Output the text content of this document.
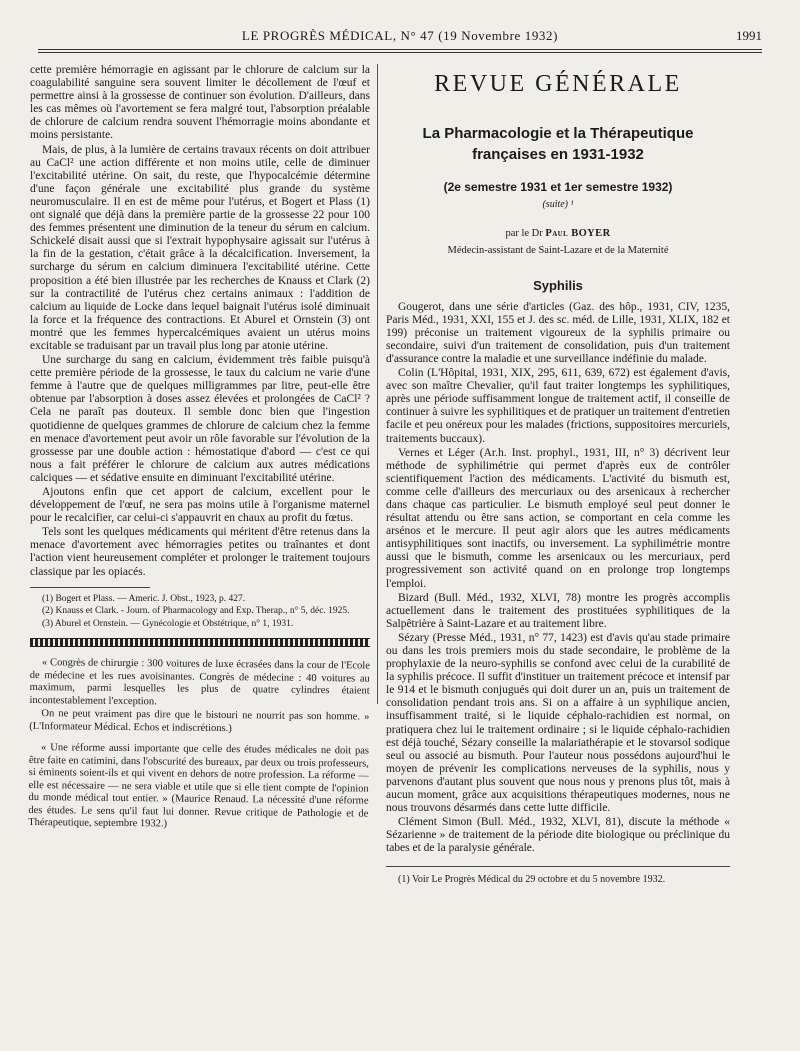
LE PROGRÈS MÉDICAL, N° 47 (19 Novembre 1932)	1991

cette première hémorragie en agissant par le chlorure de calcium sur la coagulabilité sanguine sera souvent limiter le décollement de l'œuf et permettre ainsi à la grossesse de continuer son évolution. D'ailleurs, dans les cas mêmes où l'avortement se fera malgré tout, l'absorption préalable de chlorure de calcium rendra souvent l'hémorragie moins abondante et moins persistante.

Mais, de plus, à la lumière de certains travaux récents on doit attribuer au CaCl² une action différente et non moins utile, celle de diminuer l'excitabilité utérine. On sait, du reste, que l'hypocalcémie détermine d'une façon générale une excitabilité plus grande du système neuromusculaire. Il en est de même pour l'utérus, et Bogert et Plass (1) ont signalé que déjà dans la première partie de la grossesse 22 pour 100 des femmes présentent une diminution de la teneur du sérum en calcium. Schickelé disait aussi que si l'extrait hypophysaire agissait sur l'utérus à la fin de la gestation, c'était grâce à la décalcification. Inversement, la surcharge du sérum en calcium diminuera l'excitabilité utérine. Cette proposition a été bien illustrée par les recherches de Knauss et Clark (2) sur la contractilité de l'utérus chez certains animaux : l'addition de calcium au liquide de Locke dans lequel baignait l'utérus isolé diminuait la force et la fréquence des contractions. Et Aburel et Ornstein (3) ont montré que les femmes hypercalcémiques avaient un utérus moins excitable se traduisant par un travail plus long par atonie utérine.

Une surcharge du sang en calcium, évidemment très faible puisqu'à cette première période de la grossesse, le taux du calcium ne varie d'une femme à l'autre que de quelques milligrammes par litre, peut-elle être obtenue par l'absorption à doses assez élevées et prolongées de CaCl² ? Cela ne paraît pas douteux. Il semble donc bien que l'ingestion quotidienne de quelques grammes de chlorure de calcium chez la femme en menace d'avortement peut avoir un rôle favorable sur l'évolution de la grossesse par une double action : hémostatique d'abord — c'est ce qui nous a fait préférer le chlorure de calcium aux autres médications calciques — et sédative ensuite en diminuant l'excitabilité utérine.

Ajoutons enfin que cet apport de calcium, excellent pour le développement de l'œuf, ne sera pas moins utile à l'organisme maternel pour le recalcifier, car celui-ci s'appauvrit en chaux au profit du fœtus.

Tels sont les quelques médicaments qui méritent d'être retenus dans la menace d'avortement avec hémorragies petites ou traînantes et dont l'action vient heureusement compléter et prolonger le traitement toujours classique par les opiacés.

(1) Bogert et Plass. — Americ. J. Obst., 1923, p. 427.

(2) Knauss et Clark. - Journ. of Pharmacology and Exp. Therap., n° 5, déc. 1925.

(3) Aburel et Ornstein. — Gynécologie et Obstétrique, n° 1, 1931.

« Congrès de chirurgie : 300 voitures de luxe écrasées dans la cour de l'Ecole de médecine et les rues avoisinantes. Congrès de médecine : 40 voitures au maximum, parmi lesquelles les plus de quatre cylindres étaient incontestablement l'exception.

On ne peut vraiment pas dire que le bistouri ne nourrit pas son homme. » (L'Informateur Médical. Echos et indiscrétions.)

« Une réforme aussi importante que celle des études médicales ne doit pas être faite en catimini, dans l'obscurité des bureaux, par deux ou trois professeurs, si éminents soient-ils et qui vivent en dehors de notre profession. La réforme — elle est nécessaire — ne sera viable et utile que si elle tient compte de l'opinion du monde médical tout entier. » (Maurice Renaud. La nécessité d'une réforme des études. Le sens qu'il faut lui donner. Revue critique de Pathologie et de Thérapeutique, septembre 1932.)

REVUE GÉNÉRALE
La Pharmacologie et la Thérapeutique
françaises en 1931-1932
(2e semestre 1931 et 1er semestre 1932)
(suite) ¹
par le Dr Paul BOYER
Médecin-assistant de Saint-Lazare et de la Maternité
Syphilis

Gougerot, dans une série d'articles (Gaz. des hôp., 1931, CIV, 1235, Paris Méd., 1931, XXI, 155 et J. des sc. méd. de Lille, 1931, XLIX, 182 et 199) préconise un traitement vigoureux de la syphilis primaire ou secondaire, suivi d'un traitement de consolidation, puis d'un traitement d'assurance contre la maladie et une surveillance indéfinie du malade.

Colin (L'Hôpital, 1931, XIX, 295, 611, 639, 672) est également d'avis, avec son maître Chevalier, qu'il faut traiter longtemps les syphilitiques, après une période suffisamment longue de traitement actif, il conseille de continuer à suivre les syphilitiques et de pratiquer un traitement d'entretien facile et peu onéreux pour les malades (frictions, suppositoires mercuriels, traitements buccaux).

Vernes et Léger (Ar.h. Inst. prophyl., 1931, III, n° 3) décrivent leur méthode de syphilimétrie qui permet d'après eux de contrôler scientifiquement l'action des médicaments. L'activité du bismuth est, comme celle d'ailleurs des mercuriaux ou des arsenicaux à rechercher dans chaque cas particulier. Le bismuth employé seul peut donner le résultat attendu ou être sans action, se comportant en cela comme les arsénos et le mercure. Il peut agir alors que les autres médicaments antisyphilitiques sont inactifs, ou inversement. La syphilimétrie montre aussi que le bismuth, comme les arsenicaux ou les mercuriaux, perd progressivement son activité quand on en prolonge trop longtemps l'emploi.

Bizard (Bull. Méd., 1932, XLVI, 78) montre les progrès accomplis actuellement dans le traitement des prostituées syphilitiques de la Salpêtrière à Saint-Lazare et au traitement libre.

Sézary (Presse Méd., 1931, n° 77, 1423) est d'avis qu'au stade primaire ou dans les trois premiers mois du stade secondaire, le problème de la prophylaxie de la neuro-syphilis se confond avec celui de la curabilité de la syphilis précoce. Il suffit d'instituer un traitement précoce et intensif par le 914 et le bismuth conjugués qui doit durer un an, puis un traitement de consolidation pendant trois ans. Si on a affaire à un syphilique ancien, insuffisamment traité, si le liquide céphalo-rachidien est normal, on pratiquera chez lui le traitement ordinaire ; si le liquide céphalo-rachidien est déjà touché, Sézary conseille la malariathérapie et le stovarsol sodique seul ou associé au bismuth. Pour l'auteur nous possédons aujourd'hui le moyen de prévenir les complications nerveuses de la syphilis, nous y parvenons d'autant plus souvent que nous nous y prenons plus tôt, mais à aucun moment, grâce aux acquisitions thérapeutiques modernes, nous ne nous trouvons désarmés dans cette lutte difficile.

Clément Simon (Bull. Méd., 1932, XLVI, 81), discute la méthode « Sézarienne » de traitement de la période dite biologique ou préclinique du tabes et de la paralysie générale.

(1) Voir Le Progrès Médical du 29 octobre et du 5 novembre 1932.
